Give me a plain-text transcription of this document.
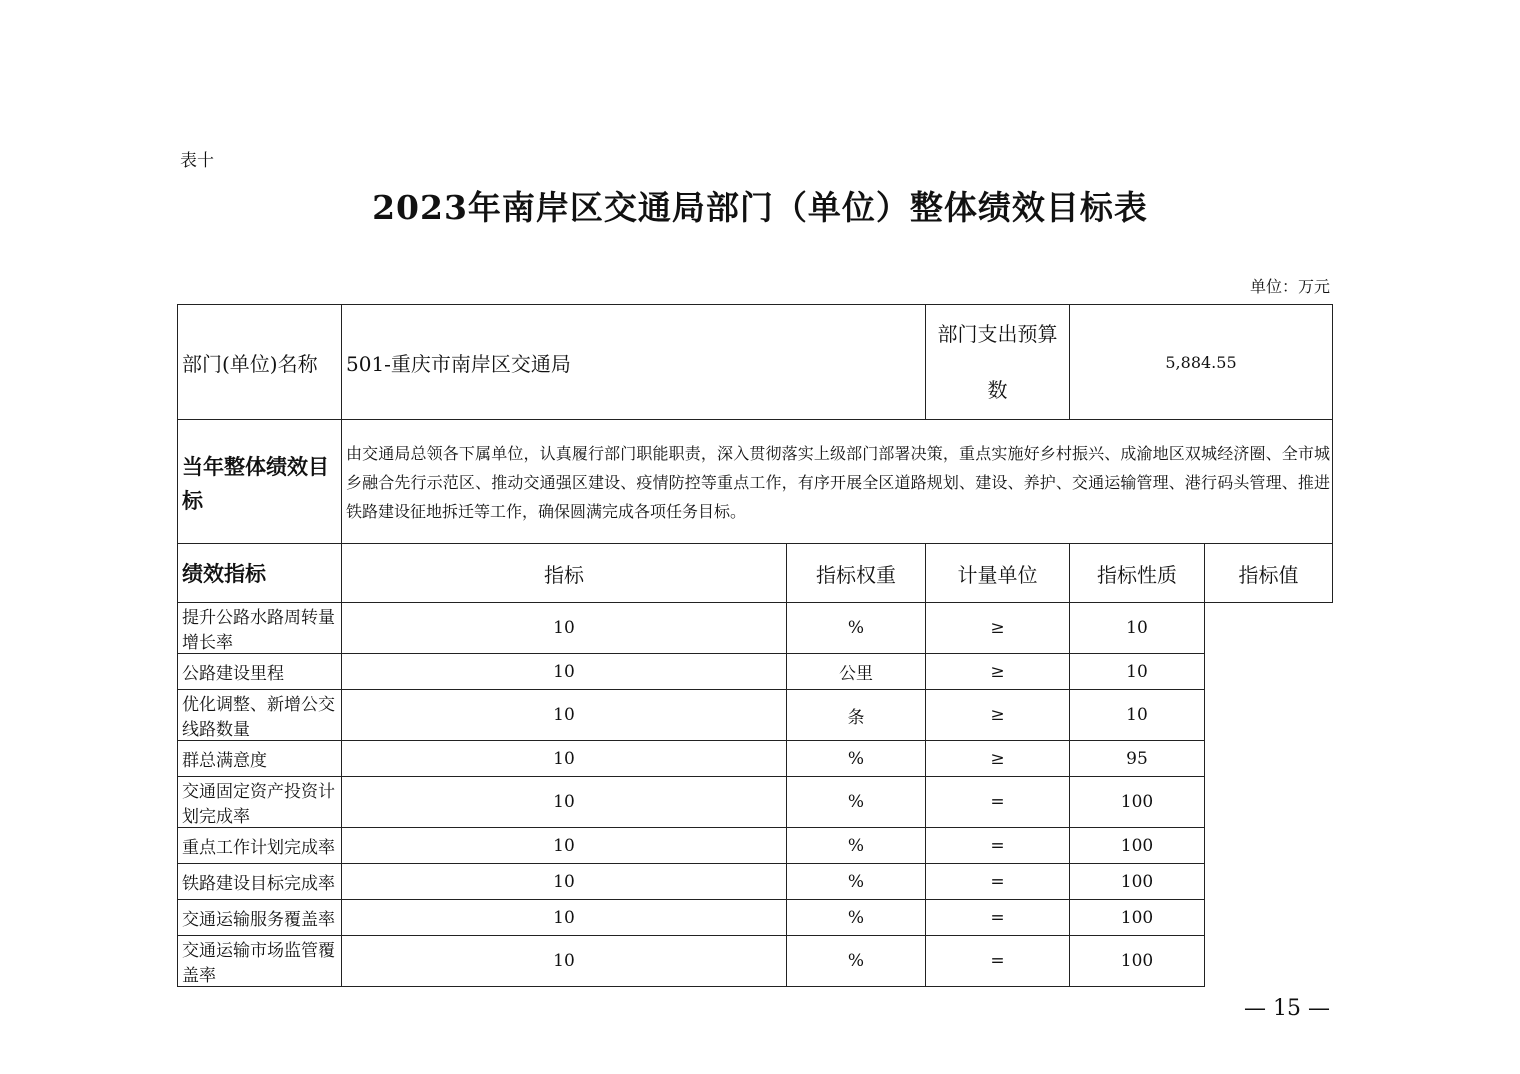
表十
2023年南岸区交通局部门（单位）整体绩效目标表
单位：万元
部门(单位)名称	501-重庆市南岸区交通局		部门支出预算数	5,884.55	
当年整体绩效目标	由交通局总领各下属单位，认真履行部门职能职责，深入贯彻落实上级部门部署决策，重点实施好乡村振兴、成渝地区双城经济圈、全市城乡融合先行示范区、推动交通强区建设、疫情防控等重点工作，有序开展全区道路规划、建设、养护、交通运输管理、港行码头管理、推进铁路建设征地拆迁等工作，确保圆满完成各项任务目标。				
绩效指标	指标	指标权重	计量单位	指标性质	指标值
提升公路水路周转量增长率	10	%	≥	10	
公路建设里程	10	公里	≥	10	
优化调整、新增公交线路数量	10	条	≥	10	
群总满意度	10	%	≥	95	
交通固定资产投资计划完成率	10	%	=	100	
重点工作计划完成率	10	%	=	100	
铁路建设目标完成率	10	%	=	100	
交通运输服务覆盖率	10	%	=	100	
交通运输市场监管覆盖率	10	%	=	100	
— 15 —
